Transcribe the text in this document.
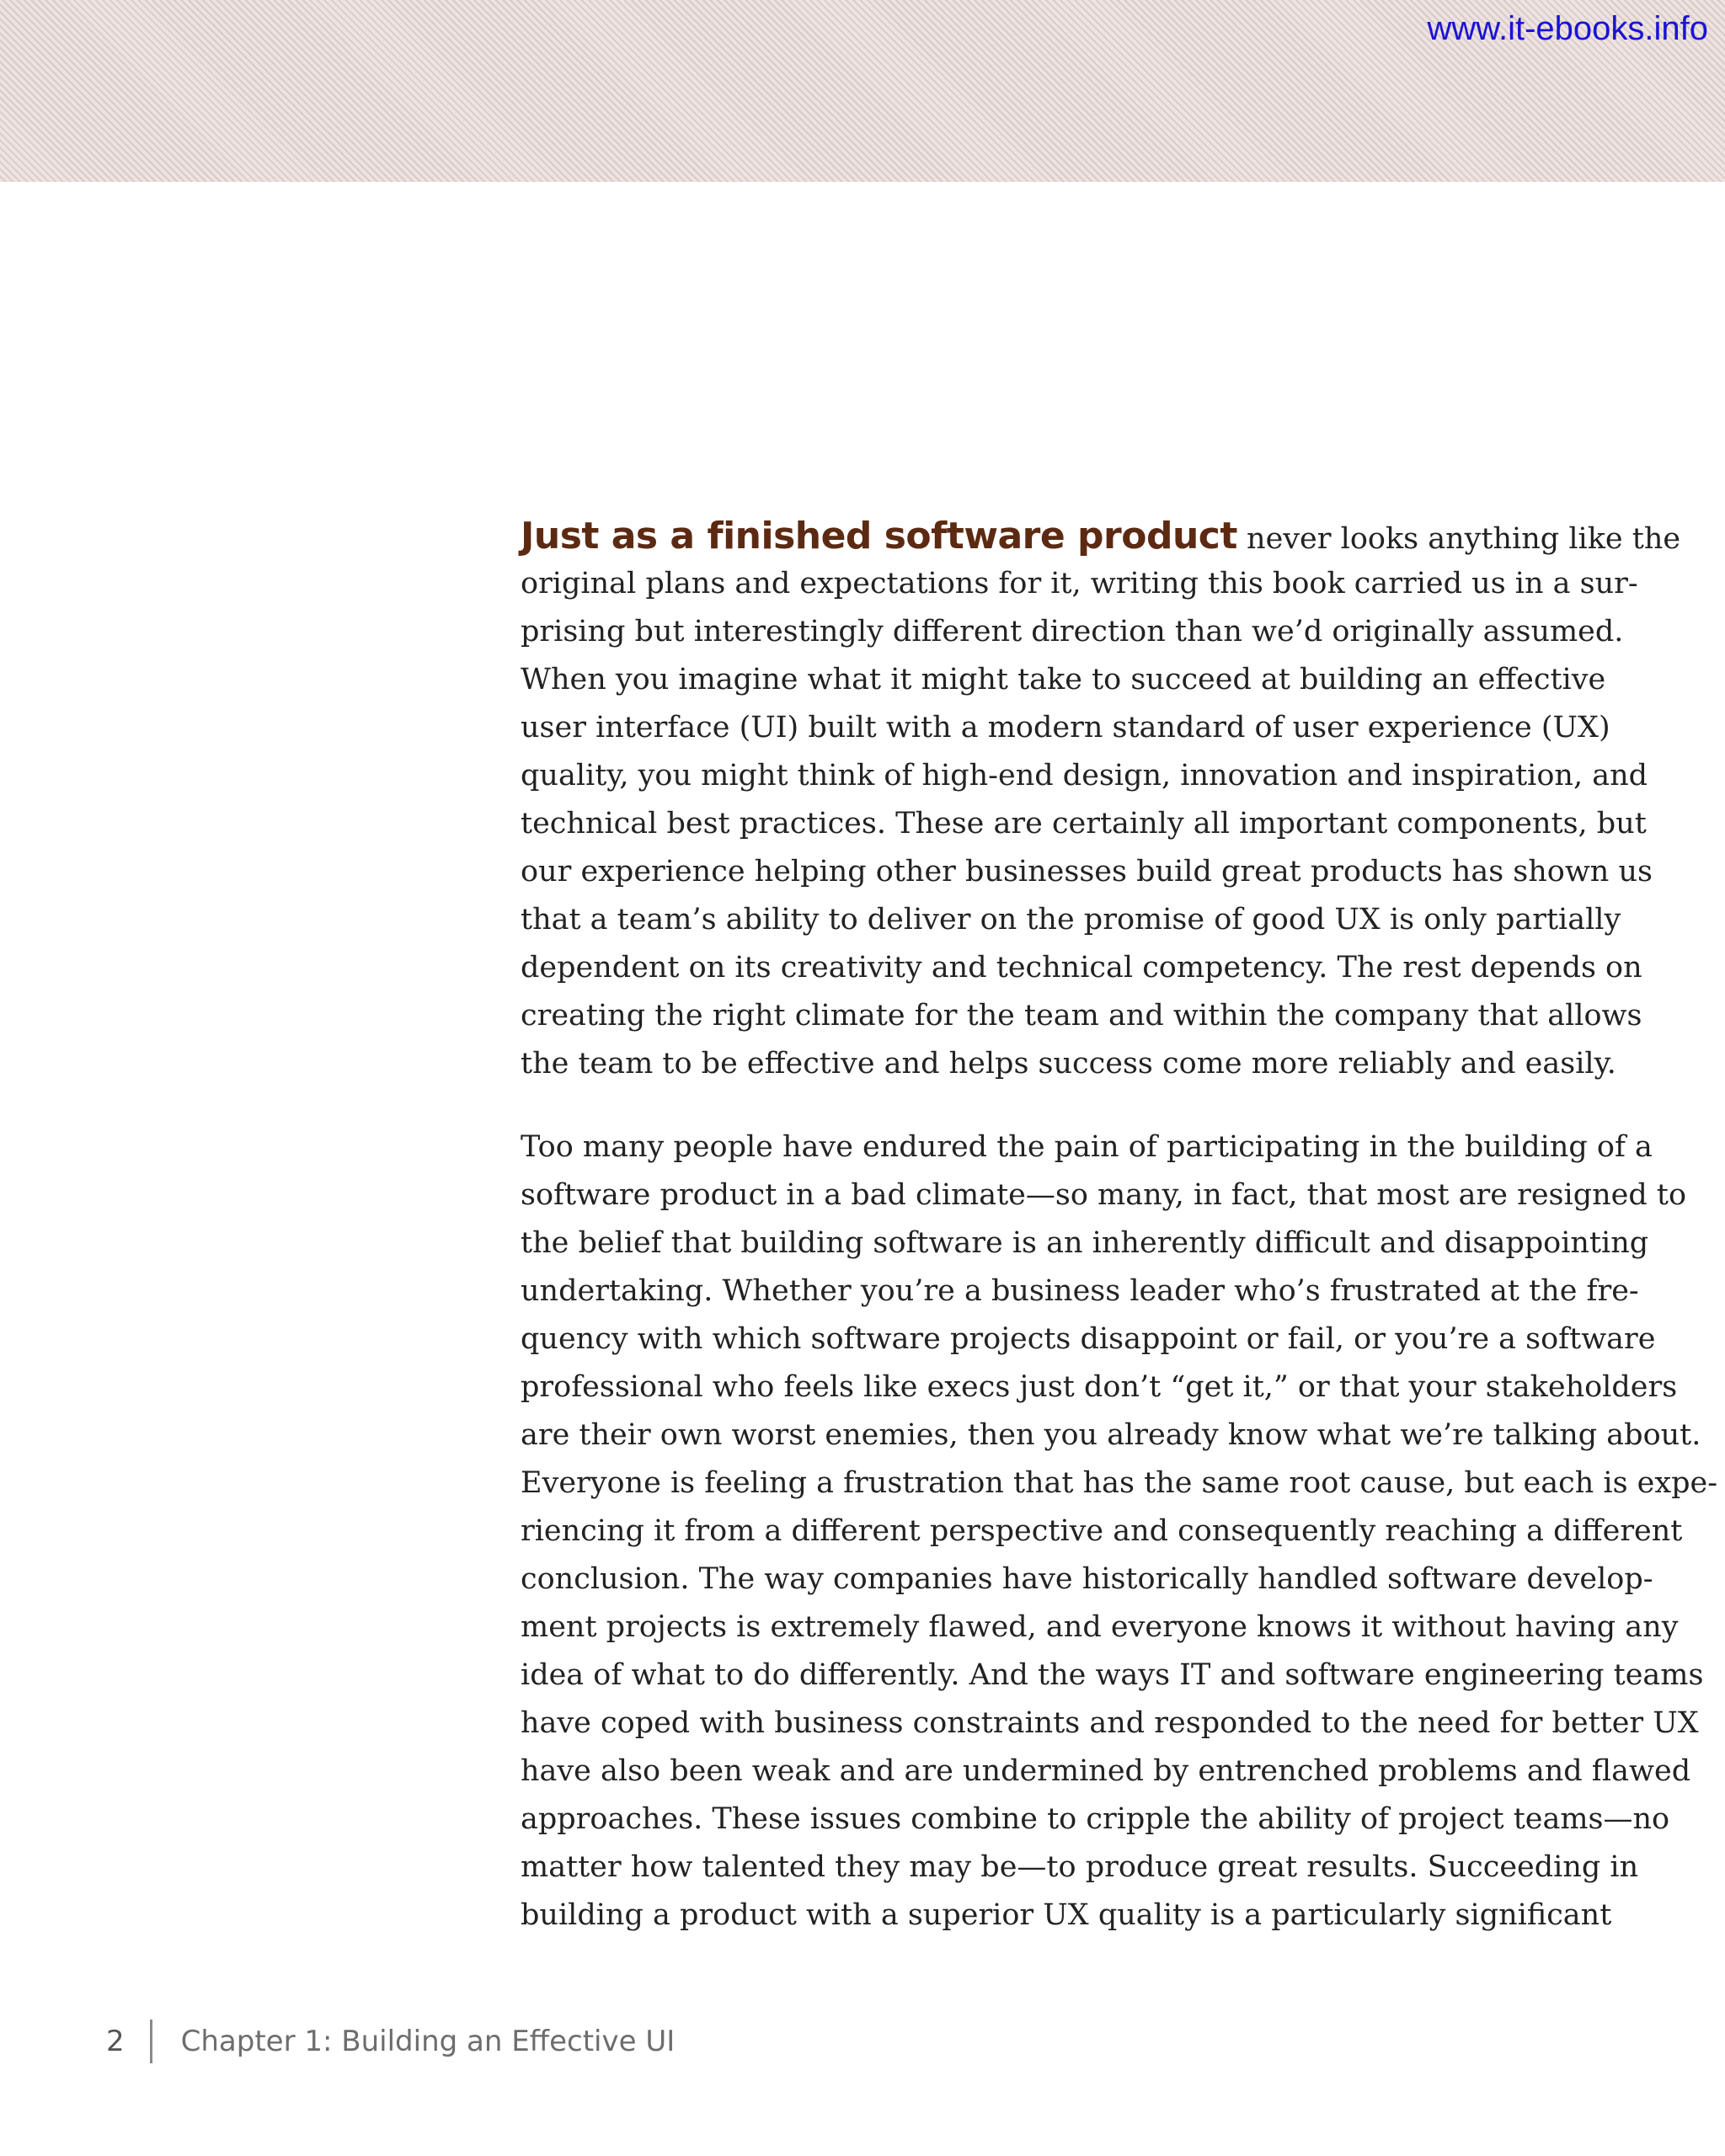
www.it-ebooks.info
Just as a finished software product never looks anything like the
original plans and expectations for it, writing this book carried us in a sur-
prising but interestingly different direction than we’d originally assumed.
When you imagine what it might take to succeed at building an effective
user interface (UI) built with a modern standard of user experience (UX)
quality, you might think of high-end design, innovation and inspiration, and
technical best practices. These are certainly all important components, but
our experience helping other businesses build great products has shown us
that a team’s ability to deliver on the promise of good UX is only partially
dependent on its creativity and technical competency. The rest depends on
creating the right climate for the team and within the company that allows
the team to be effective and helps success come more reliably and easily.
Too many people have endured the pain of participating in the building of a
software product in a bad climate—so many, in fact, that most are resigned to
the belief that building software is an inherently difficult and disappointing
undertaking. Whether you’re a business leader who’s frustrated at the fre-
quency with which software projects disappoint or fail, or you’re a software
professional who feels like execs just don’t “get it,” or that your stakeholders
are their own worst enemies, then you already know what we’re talking about.
Everyone is feeling a frustration that has the same root cause, but each is expe-
riencing it from a different perspective and consequently reaching a different
conclusion. The way companies have historically handled software develop-
ment projects is extremely flawed, and everyone knows it without having any
idea of what to do differently. And the ways IT and software engineering teams
have coped with business constraints and responded to the need for better UX
have also been weak and are undermined by entrenched problems and flawed
approaches. These issues combine to cripple the ability of project teams—no
matter how talented they may be—to produce great results. Succeeding in
building a product with a superior UX quality is a particularly significant
2 Chapter 1: Building an Effective UI
